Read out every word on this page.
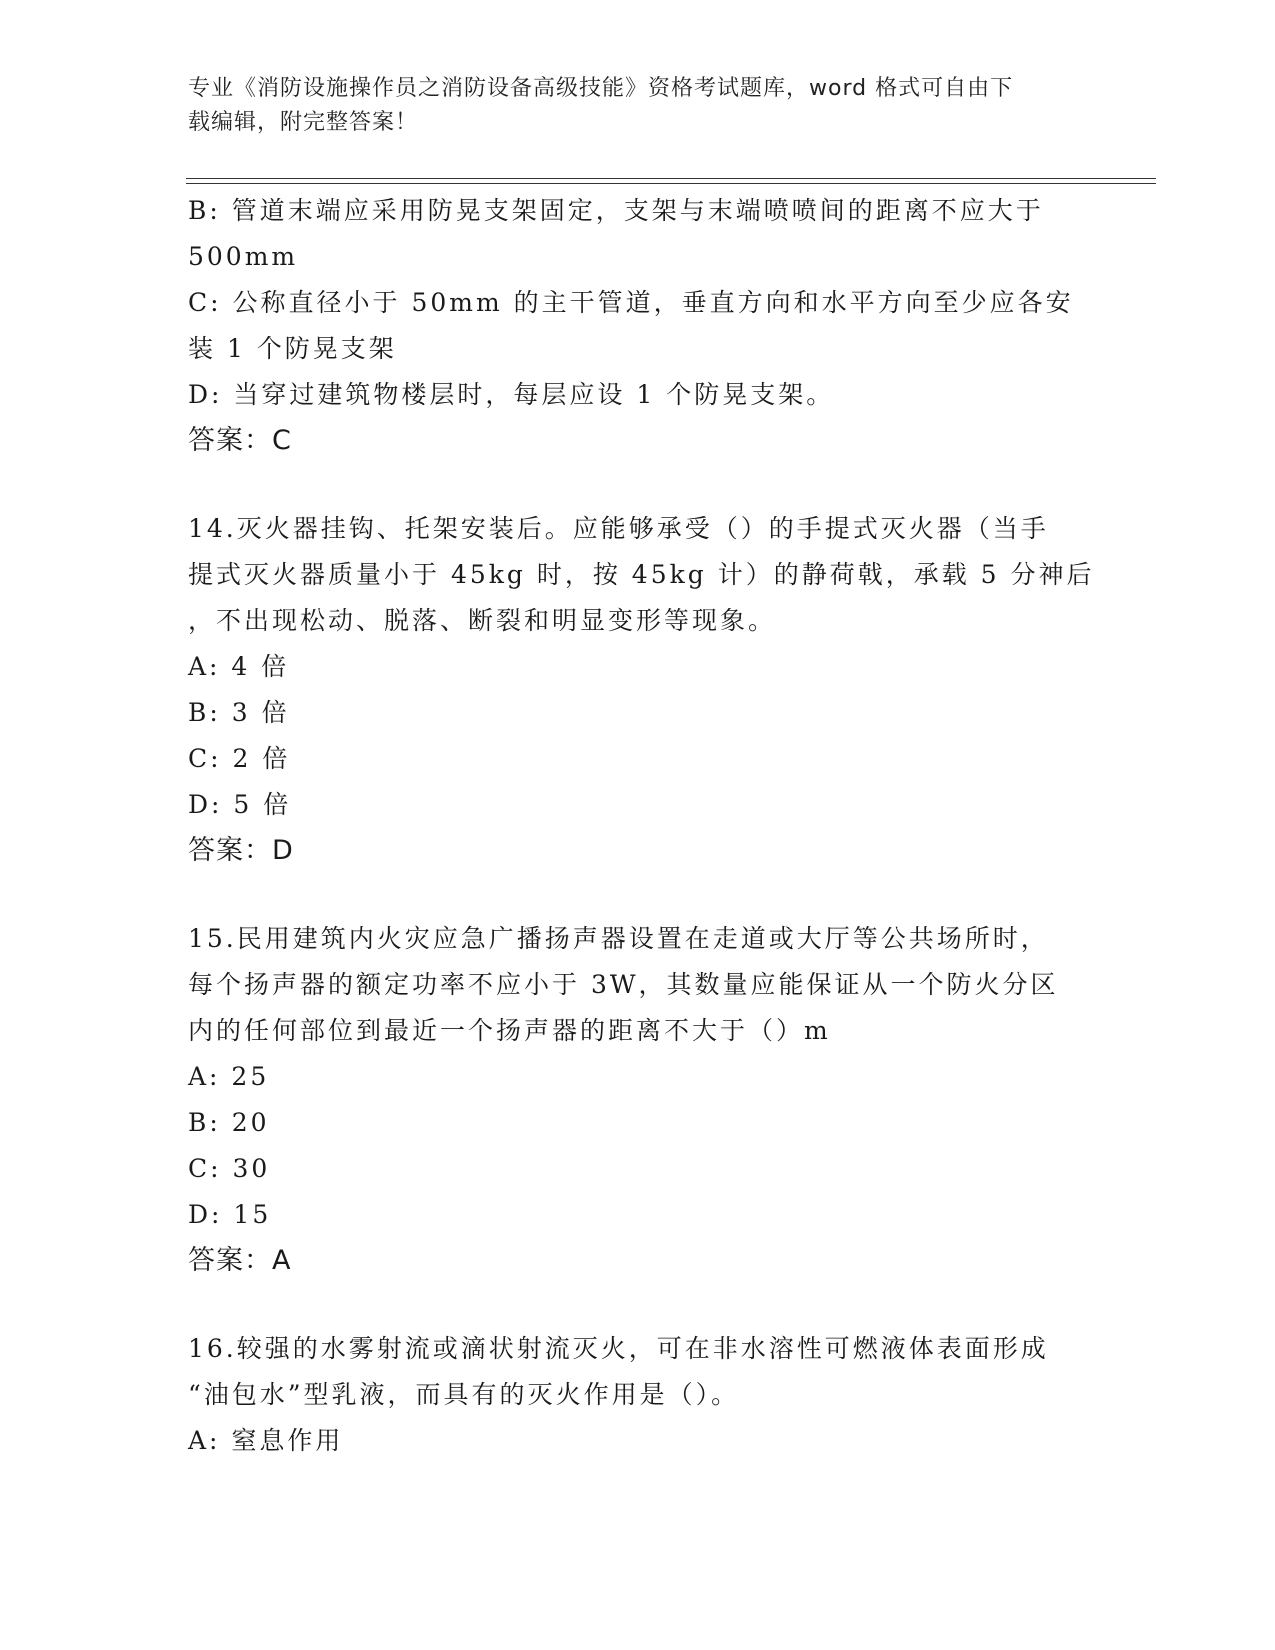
专业《消防设施操作员之消防设备高级技能》资格考试题库，word 格式可自由下
载编辑，附完整答案！
B: 管道末端应采用防晃支架固定，支架与末端喷喷间的距离不应大于
500mm
C: 公称直径小于 50mm 的主干管道，垂直方向和水平方向至少应各安
装 1 个防晃支架
D: 当穿过建筑物楼层时，每层应设 1 个防晃支架。
答案：C
14.灭火器挂钩、托架安装后。应能够承受（）的手提式灭火器（当手
提式灭火器质量小于 45kg 时，按 45kg 计）的静荷戟，承载 5 分神后
，不出现松动、脱落、断裂和明显变形等现象。
A: 4 倍
B: 3 倍
C: 2 倍
D: 5 倍
答案：D
15.民用建筑内火灾应急广播扬声器设置在走道或大厅等公共场所时，
每个扬声器的额定功率不应小于 3W，其数量应能保证从一个防火分区
内的任何部位到最近一个扬声器的距离不大于（）m
A: 25
B: 20
C: 30
D: 15
答案：A
16.较强的水雾射流或滴状射流灭火，可在非水溶性可燃液体表面形成
“油包水”型乳液，而具有的灭火作用是（）。
A: 窒息作用
